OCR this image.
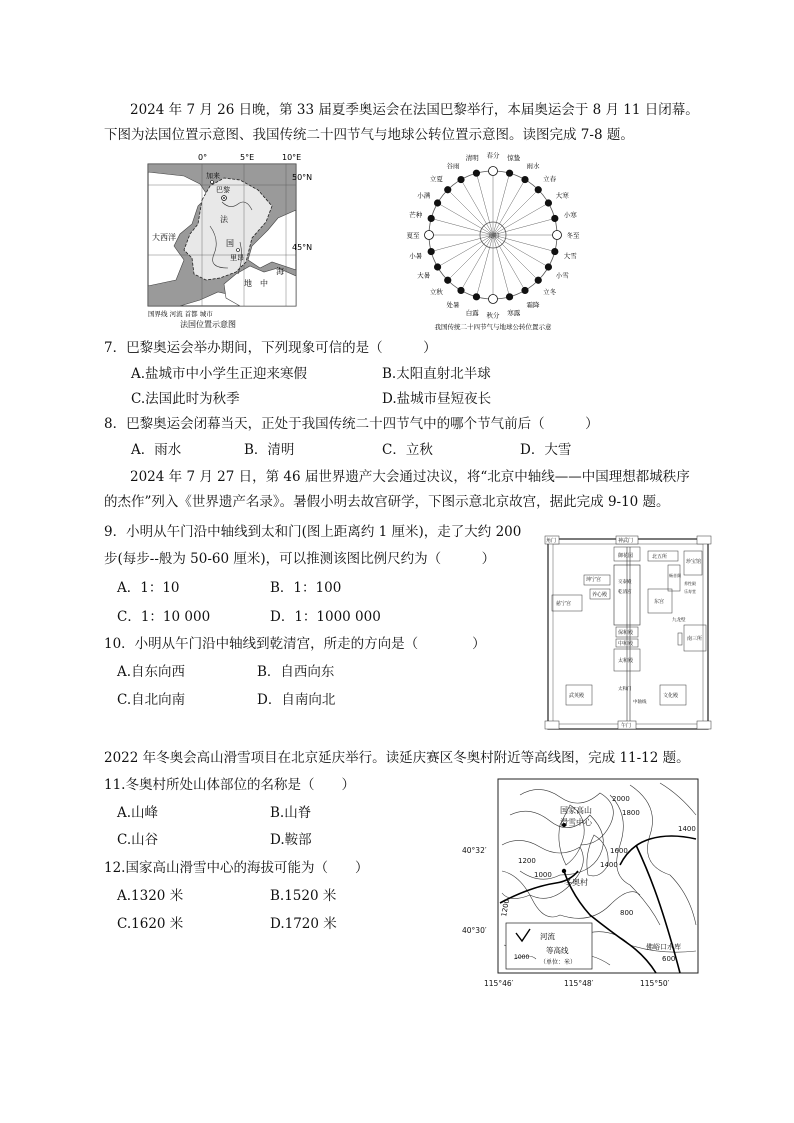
2024 年 7 月 26 日晚，第 33 届夏季奥运会在法国巴黎举行，本届奥运会于 8 月 11 日闭幕。
下图为法国位置示意图、我国传统二十四节气与地球公转位置示意图。读图完成 7-8 题。
0°	5°E	10°E
加来
巴黎
大西洋
法
国
里昂
地 中
海
50°N
45°N
国界线 河流 首都 城市
法国位置示意图
春分 惊蛰
雨水
立春
大寒
小寒
冬至
大雪
小雪
立冬
霜降
寒露
秋分
白露
处暑
立秋
大暑
小暑
夏至
芒种
小满
立夏
谷雨
清明
我国传统二十四节气与地球公转位置示意
7．巴黎奥运会举办期间，下列现象可信的是（　　　）
A.盐城市中小学生正迎来寒假	B.太阳直射北半球
C.法国此时为秋季	D.盐城市昼短夜长
8．巴黎奥运会闭幕当天，正处于我国传统二十四节气中的哪个节气前后（　　　）
A．雨水	B．清明	C．立秋	D．大雪
2024 年 7 月 27 日，第 46 届世界遗产大会通过决议，将“北京中轴线——中国理想都城秩序
的杰作”列入《世界遗产名录》。暑假小明去故宫研学，下图示意北京故宫，据此完成 9-10 题。
9．小明从午门沿中轴线到太和门(图上距离约 1 厘米)，走了大约 200
步(每步--般为 50-60 厘米)，可以推测该图比例尺约为（　　　）
A．1：10	B．1：100
C．1：10 000	D．1：1000 000
10．小明从午门沿中轴线到乾清宫，所走的方向是（　　　　）
A.自东向西	B．自西向东
C.自北向南	D．自南向北
神武门
角门
御花园	北五所
珍宝馆
畅音阁
养性殿
乐寿堂
坤宁宫	交泰殿
乾清宫
养心殿
慈宁宫	东宫
保和殿
中和殿
太和殿
九龙壁
南三所
太和门
武英殿	文化殿
中轴线
午门
2022 年冬奥会高山滑雪项目在北京延庆举行。读延庆赛区冬奥村附近等高线图，完成 11-12 题。
11.冬奥村所处山体部位的名称是（　　）
A.山峰	B.山脊
C.山谷	D.鞍部
12.国家高山滑雪中心的海拔可能为（　　）
A.1320 米	B.1520 米
C.1620 米	D.1720 米
国家高山
滑雪中心
冬奥村
佛峪口水库
2000
1800
1600
1400
1200
1000
1400
800
1200
600
40°32′
40°30′
115°46′	115°48′	115°50′
河流
1000
等高线
（单位：米）
